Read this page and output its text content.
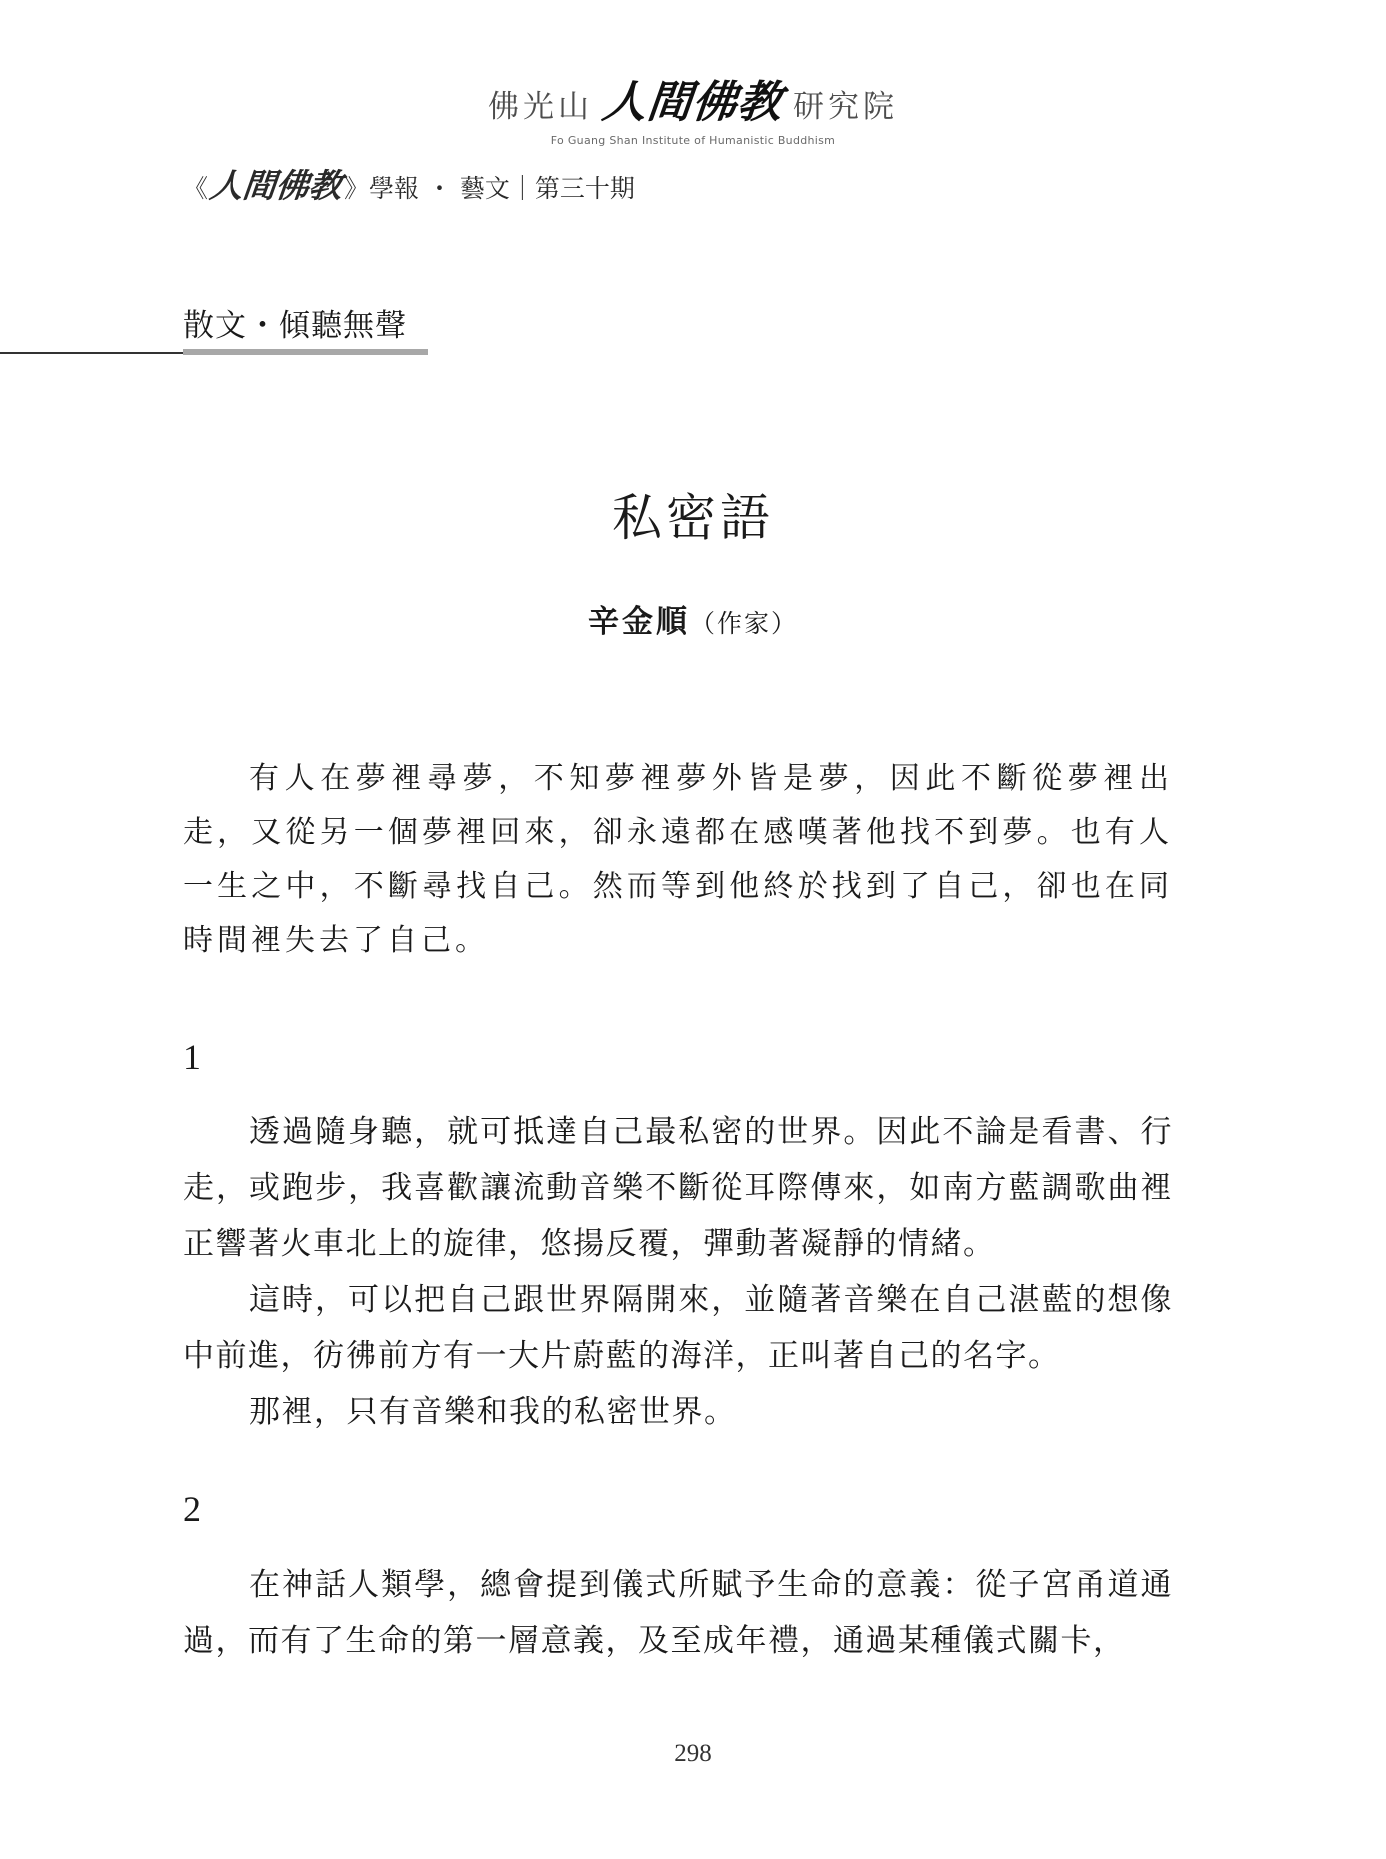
佛光山 人間佛教 研究院
Fo Guang Shan Institute of Humanistic Buddhism
《 人間佛教 》 學報 ・ 藝文｜第三十期
散文・傾聽無聲
私密語
辛金順（作家）

有人在夢裡尋夢，不知夢裡夢外皆是夢，因此不斷從夢裡出走，又從另一個夢裡回來，卻永遠都在感嘆著他找不到夢。也有人一生之中，不斷尋找自己。然而等到他終於找到了自己，卻也在同時間裡失去了自己。

1

透過隨身聽，就可抵達自己最私密的世界。因此不論是看書、行走，或跑步，我喜歡讓流動音樂不斷從耳際傳來，如南方藍調歌曲裡正響著火車北上的旋律，悠揚反覆，彈動著凝靜的情緒。

這時，可以把自己跟世界隔開來，並隨著音樂在自己湛藍的想像中前進，彷彿前方有一大片蔚藍的海洋，正叫著自己的名字。

那裡，只有音樂和我的私密世界。

2

在神話人類學，總會提到儀式所賦予生命的意義：從子宮甬道通過，而有了生命的第一層意義，及至成年禮，通過某種儀式關卡，

298
